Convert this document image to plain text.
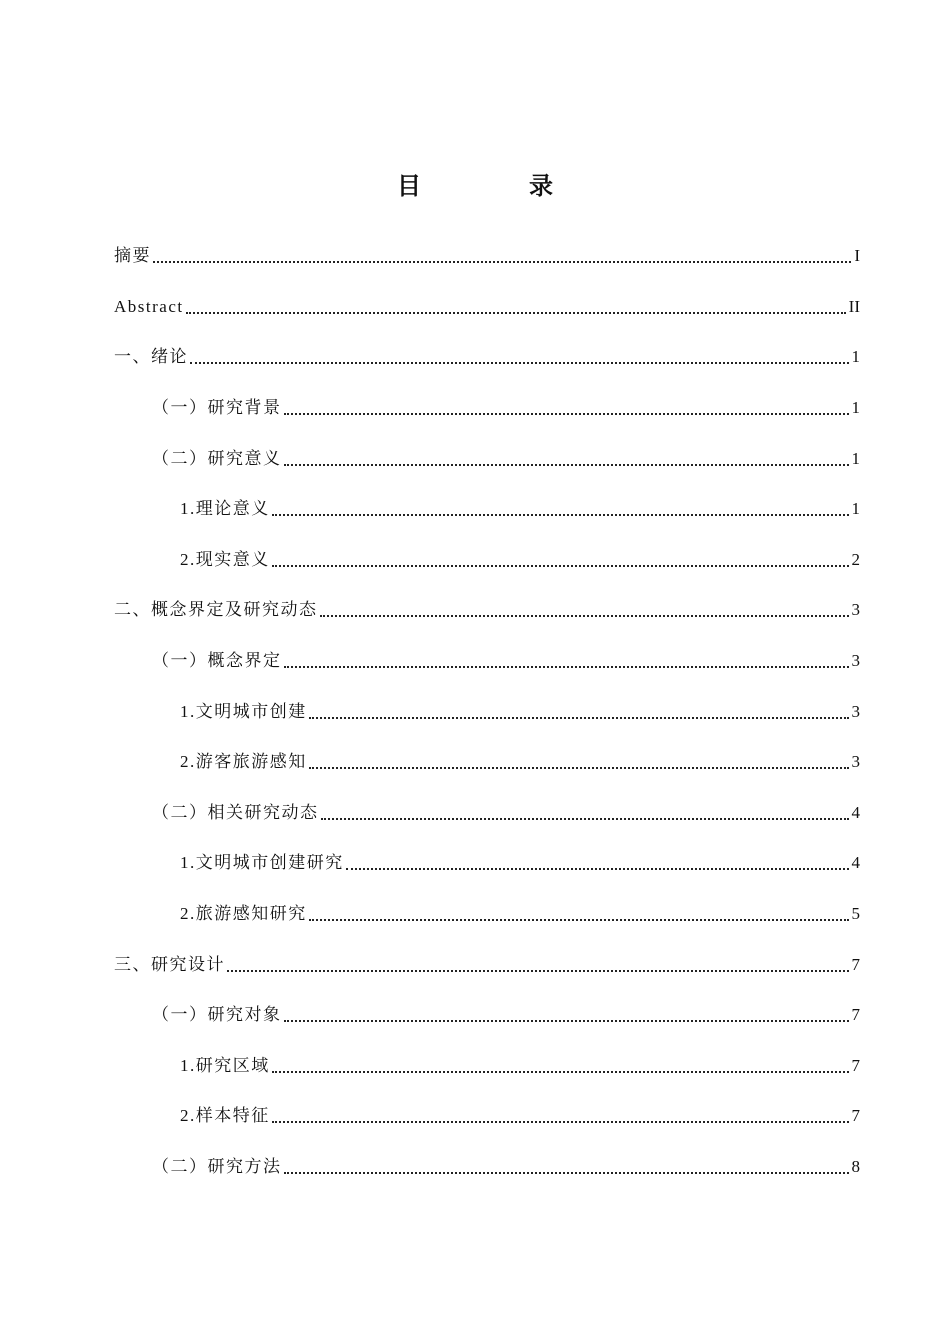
目　录
摘要	I
Abstract	II
一、绪论	1
（一）研究背景	1
（二）研究意义	1
1.理论意义	1
2.现实意义	2
二、概念界定及研究动态	3
（一）概念界定	3
1.文明城市创建	3
2.游客旅游感知	3
（二）相关研究动态	4
1.文明城市创建研究	4
2.旅游感知研究	5
三、研究设计	7
（一）研究对象	7
1.研究区域	7
2.样本特征	7
（二）研究方法	8
